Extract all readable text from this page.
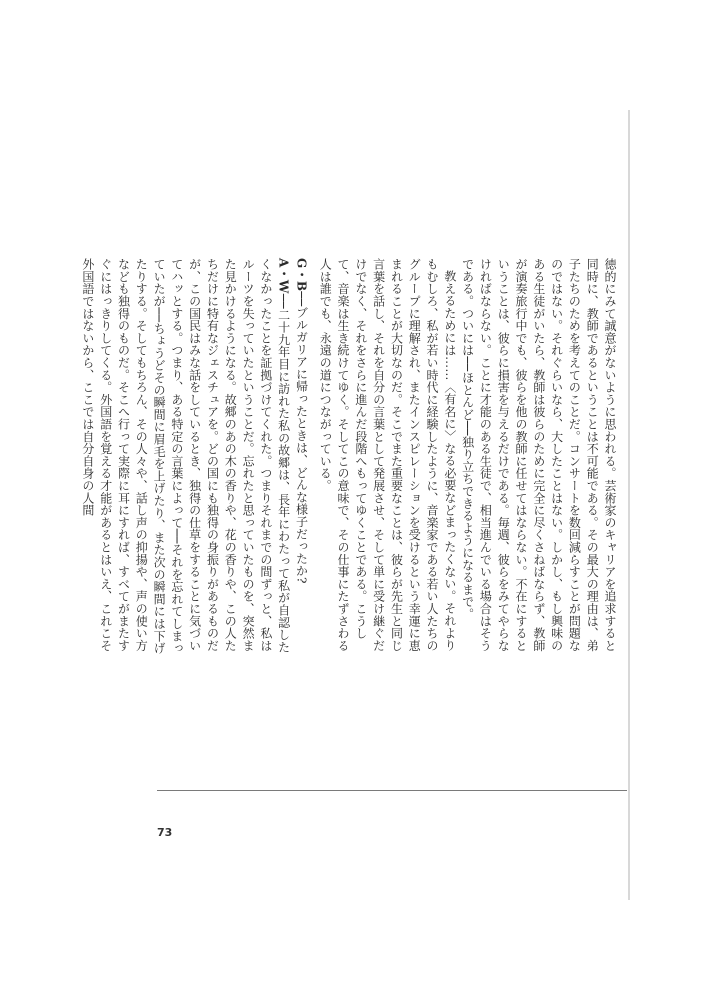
徳的にみて誠意がないように思われる。芸術家のキャリアを追求すると同時に、教師であるということは不可能である。その最大の理由は、弟子たちのためを考えてのことだ。コンサートを数回減らすことが問題なのではない。それぐらいなら、大したことはない。しかし、もし興味のある生徒がいたら、教師は彼らのために完全に尽くさねばならず、教師が演奏旅行中でも、彼らを他の教師に任せてはならない。不在にするということは、彼らに損害を与えるだけである。毎週、彼らをみてやらなければならない。ことに才能のある生徒で、相当進んでいる場合はそうである。ついには──ほとんど──独り立ちできるようになるまで。

教えるためには……〈有名に〉なる必要などまったくない。それよりもむしろ、私が若い時代に経験したように、音楽家である若い人たちのグループに理解され、またインスピレーションを受けるという幸運に恵まれることが大切なのだ。そこでまた重要なことは、彼らが先生と同じ言葉を話し、それを自分の言葉として発展させ、そして単に受け継ぐだけでなく、それをさらに進んだ段階へもってゆくことである。こうして、音楽は生き続けてゆく。そしてこの意味で、その仕事にたずさわる人は誰でも、永遠の道につながっている。

G・B──ブルガリアに帰ったときは、どんな様子だったか?

A・W──二十九年目に訪れた私の故郷は、長年にわたって私が自認したくなかったことを証拠づけてくれた。つまりそれまでの間ずっと、私はルーツを失っていたということだ。忘れたと思っていたものを、突然また見かけるようになる。故郷のあの木の香りや、花の香りや、この人たちだけに特有なジェスチュアを。どの国にも独得の身振りがあるものだが、この国民はみな話をしているとき、独得の仕草をすることに気づいてハッとする。つまり、ある特定の言葉によって──それを忘れてしまっていたが──ちょうどその瞬間に眉毛を上げたり、また次の瞬間には下げたりする。そしてもちろん、その人々や、話し声の抑揚や、声の使い方なども独得のものだ。そこへ行って実際に耳にすれば、すべてがまたすぐにはっきりしてくる。外国語を覚える才能があるとはいえ、これこそ外国語ではないから、ここでは自分自身の人間

73
